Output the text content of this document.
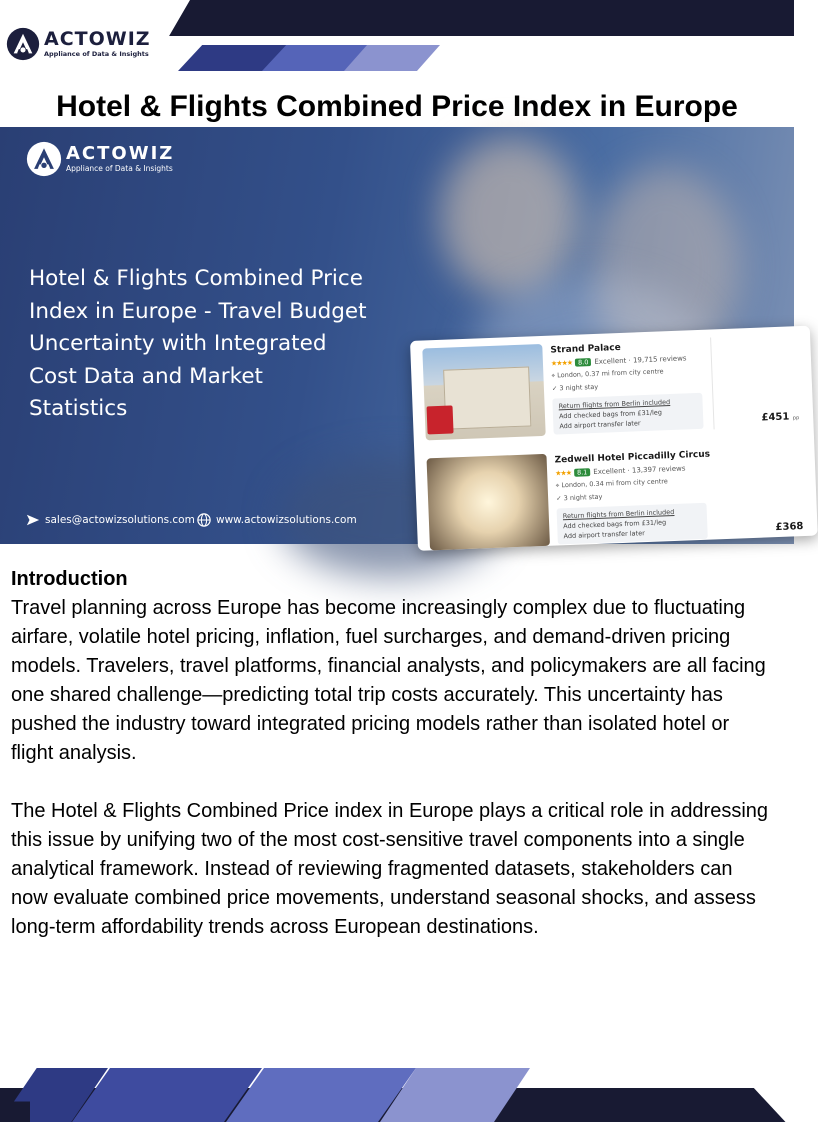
ACTOWIZ
Appliance of Data & Insights
Hotel & Flights Combined Price Index in Europe
ACTOWIZ
Appliance of Data & Insights
Hotel & Flights Combined Price
Index in Europe - Travel Budget
Uncertainty with Integrated
Cost Data and Market
Statistics
sales@actowizsolutions.com www.actowizsolutions.com
Strand Palace
★★★★ 8.0 Excellent · 19,715 reviews
⌖ London, 0.37 mi from city centre
✓ 3 night stay
Return flights from Berlin included
Add checked bags from £31/leg
Add airport transfer later
£451 pp
Zedwell Hotel Piccadilly Circus
★★★ 8.1 Excellent · 13,397 reviews
⌖ London, 0.34 mi from city centre
✓ 3 night stay
Return flights from Berlin included
Add checked bags from £31/leg
Add airport transfer later
£368
Introduction

Travel planning across Europe has become increasingly complex due to fluctuating airfare, volatile hotel pricing, inflation, fuel surcharges, and demand-driven pricing models. Travelers, travel platforms, financial analysts, and policymakers are all facing one shared challenge—predicting total trip costs accurately. This uncertainty has pushed the industry toward integrated pricing models rather than isolated hotel or flight analysis.

The Hotel & Flights Combined Price index in Europe plays a critical role in addressing this issue by unifying two of the most cost-sensitive travel components into a single analytical framework. Instead of reviewing fragmented datasets, stakeholders can now evaluate combined price movements, understand seasonal shocks, and assess long-term affordability trends across European destinations.
